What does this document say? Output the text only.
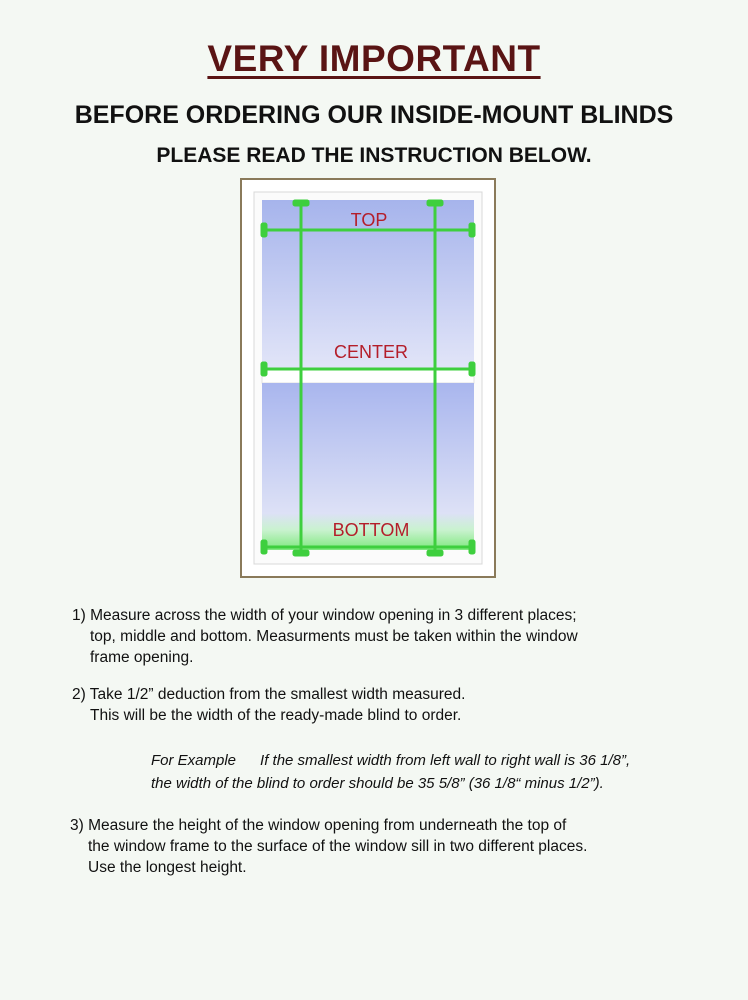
VERY IMPORTANT
BEFORE ORDERING OUR INSIDE-MOUNT BLINDS
PLEASE READ THE INSTRUCTION BELOW.
TOP
CENTER
BOTTOM
1) Measure across the width of your window opening in 3 different places;
top, middle and bottom. Measurments must be taken within the window
frame opening.
2) Take 1/2” deduction from the smallest width measured.
This will be the width of the ready-made blind to order.
For Example If the smallest width from left wall to right wall is 36 1/8”,
the width of the blind to order should be 35 5/8” (36 1/8“ minus 1/2”).
3) Measure the height of the window opening from underneath the top of
the window frame to the surface of the window sill in two different places.
Use the longest height.
